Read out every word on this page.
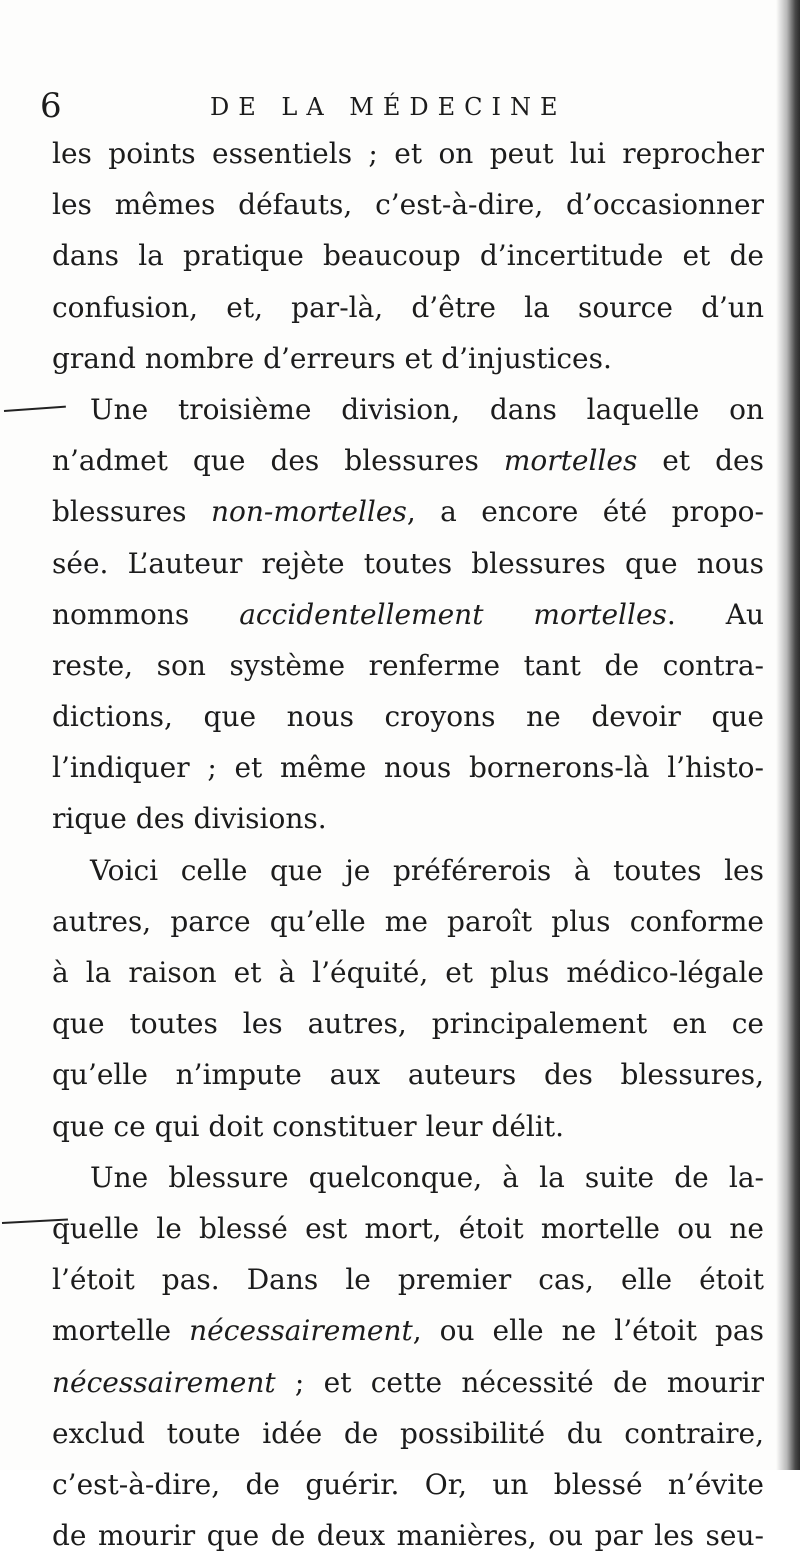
6	DE LA MÉDECINE
les points essentiels ; et on peut lui reprocher
les mêmes défauts, c’est-à-dire, d’occasionner
dans la pratique beaucoup d’incertitude et de
confusion, et, par-là, d’être la source d’un
grand nombre d’erreurs et d’injustices.
Une troisième division, dans laquelle on
n’admet que des blessures mortelles et des
blessures non-mortelles, a encore été propo-
sée. L’auteur rejète toutes blessures que nous
nommons accidentellement mortelles. Au
reste, son système renferme tant de contra-
dictions, que nous croyons ne devoir que
l’indiquer ; et même nous bornerons-là l’histo-
rique des divisions.
Voici celle que je préférerois à toutes les
autres, parce qu’elle me paroît plus conforme
à la raison et à l’équité, et plus médico-légale
que toutes les autres, principalement en ce
qu’elle n’impute aux auteurs des blessures,
que ce qui doit constituer leur délit.
Une blessure quelconque, à la suite de la-
quelle le blessé est mort, étoit mortelle ou ne
l’étoit pas. Dans le premier cas, elle étoit
mortelle nécessairement, ou elle ne l’étoit pas
nécessairement ; et cette nécessité de mourir
exclud toute idée de possibilité du contraire,
c’est-à-dire, de guérir. Or, un blessé n’évite
de mourir que de deux manières, ou par les seu-
